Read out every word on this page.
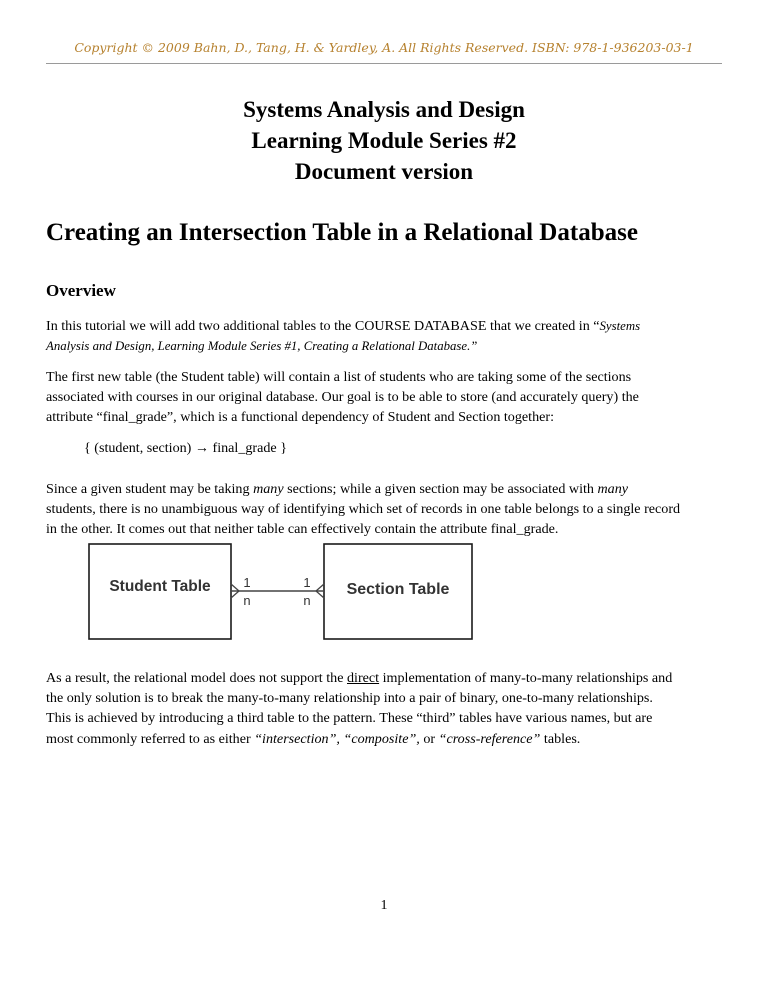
Copyright © 2009 Bahn, D., Tang, H. & Yardley, A. All Rights Reserved. ISBN: 978-1-936203-03-1
Systems Analysis and Design
Learning Module Series #2
Document version
Creating an Intersection Table in a Relational Database
Overview
In this tutorial we will add two additional tables to the COURSE DATABASE that we created in “Systems
Analysis and Design, Learning Module Series #1, Creating a Relational Database.”
The first new table (the Student table) will contain a list of students who are taking some of the sections
associated with courses in our original database. Our goal is to be able to store (and accurately query) the
attribute “final_grade”, which is a functional dependency of Student and Section together:
{ (student, section) → final_grade }
Since a given student may be taking many sections; while a given section may be associated with many
students, there is no unambiguous way of identifying which set of records in one table belongs to a single record
in the other. It comes out that neither table can effectively contain the attribute final_grade.
Student Table	Section Table
1
n
1
n
As a result, the relational model does not support the direct implementation of many-to-many relationships and
the only solution is to break the many-to-many relationship into a pair of binary, one-to-many relationships.
This is achieved by introducing a third table to the pattern. These “third” tables have various names, but are
most commonly referred to as either “intersection”, “composite”, or “cross-reference” tables.
1
